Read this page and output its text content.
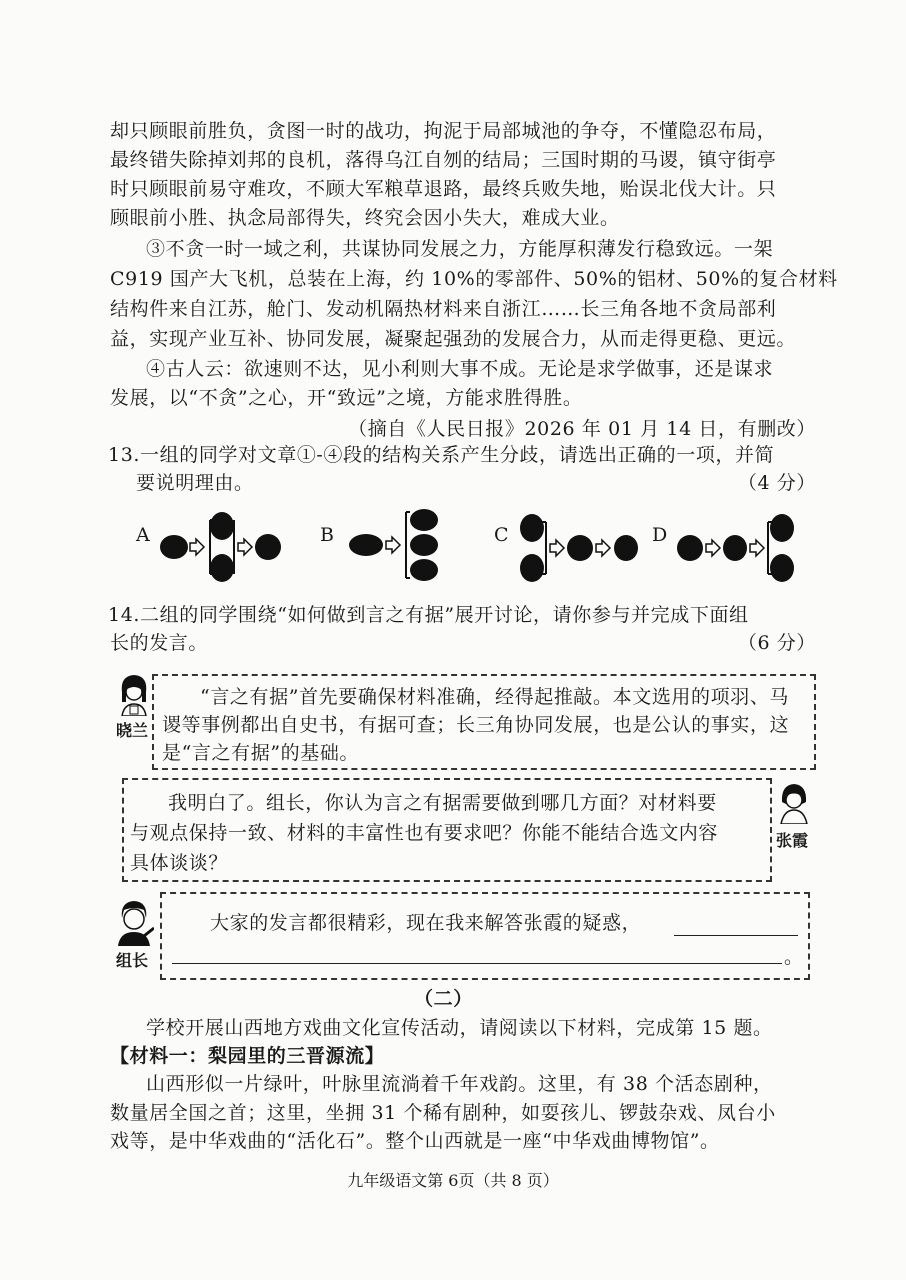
却只顾眼前胜负，贪图一时的战功，拘泥于局部城池的争夺，不懂隐忍布局，
最终错失除掉刘邦的良机，落得乌江自刎的结局；三国时期的马谡，镇守街亭
时只顾眼前易守难攻，不顾大军粮草退路，最终兵败失地，贻误北伐大计。只
顾眼前小胜、执念局部得失，终究会因小失大，难成大业。
③不贪一时一域之利，共谋协同发展之力，方能厚积薄发行稳致远。一架
C919 国产大飞机，总装在上海，约 10%的零部件、50%的铝材、50%的复合材料
结构件来自江苏，舱门、发动机隔热材料来自浙江……长三角各地不贪局部利
益，实现产业互补、协同发展，凝聚起强劲的发展合力，从而走得更稳、更远。
④古人云：欲速则不达，见小利则大事不成。无论是求学做事，还是谋求
发展，以“不贪”之心，开“致远”之境，方能求胜得胜。
（摘自《人民日报》2026 年 01 月 14 日，有删改）
13.一组的同学对文章①-④段的结构关系产生分歧，请选出正确的一项，并简
要说明理由。	（4 分）
A	B	C	D
14.二组的同学围绕“如何做到言之有据”展开讨论，请你参与并完成下面组
长的发言。	（6 分）
晓兰
“言之有据”首先要确保材料准确，经得起推敲。本文选用的项羽、马
谡等事例都出自史书，有据可查；长三角协同发展，也是公认的事实，这
是“言之有据”的基础。
我明白了。组长，你认为言之有据需要做到哪几方面？对材料要
与观点保持一致、材料的丰富性也有要求吧？你能不能结合选文内容
具体谈谈？
张霞
组长
大家的发言都很精彩，现在我来解答张霞的疑惑，
。
（二）
学校开展山西地方戏曲文化宣传活动，请阅读以下材料，完成第 15 题。
【材料一：梨园里的三晋源流】
山西形似一片绿叶，叶脉里流淌着千年戏韵。这里，有 38 个活态剧种，
数量居全国之首；这里，坐拥 31 个稀有剧种，如耍孩儿、锣鼓杂戏、凤台小
戏等，是中华戏曲的“活化石”。整个山西就是一座“中华戏曲博物馆”。
九年级语文第 6页（共 8 页）
